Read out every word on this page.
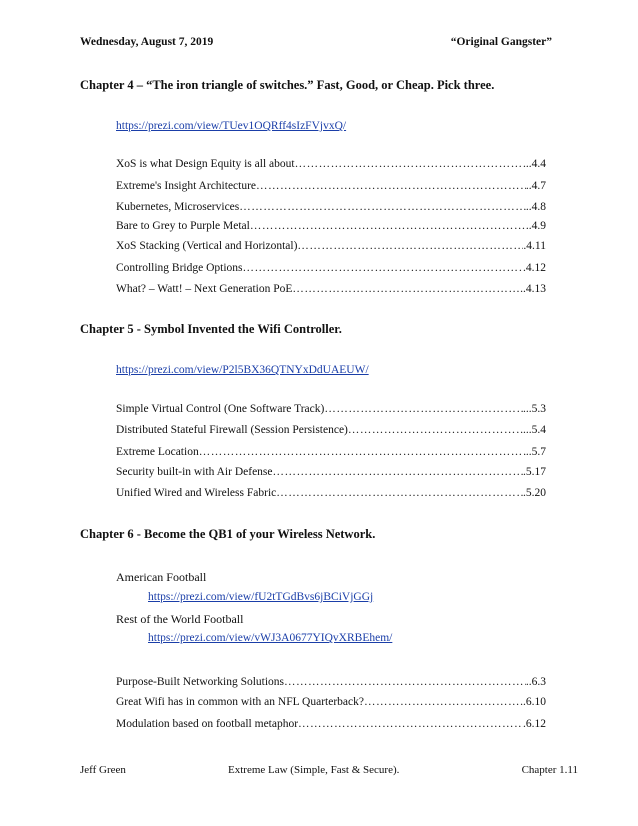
Wednesday, August 7, 2019	“Original Gangster”
Chapter 4 – “The iron triangle of switches.” Fast, Good, or Cheap. Pick three.
https://prezi.com/view/TUev1OQRff4sIzFVjvxQ/
XoS is what Design Equity is all about ……………………………………………………………………………………………………………………………………………………………	...4.4
Extreme's Insight Architecture ……………………………………………………………………………………………………………………………………………………………	..4.7
Kubernetes, Microservices ……………………………………………………………………………………………………………………………………………………………	..4.8
Bare to Grey to Purple Metal ……………………………………………………………………………………………………………………………………………………………	..4.9
XoS Stacking (Vertical and Horizontal) ……………………………………………………………………………………………………………………………………………………………	.4.11
Controlling Bridge Options ……………………………………………………………………………………………………………………………………………………………	.4.12
What? – Watt! – Next Generation PoE ……………………………………………………………………………………………………………………………………………………………	..4.13
Chapter 5 - Symbol Invented the Wifi Controller.
https://prezi.com/view/P2l5BX36QTNYxDdUAEUW/
Simple Virtual Control (One Software Track) ……………………………………………………………………………………………………………………………………………………………	...5.3
Distributed Stateful Firewall (Session Persistence) ……………………………………………………………………………………………………………………………………………………………	...5.4
Extreme Location ……………………………………………………………………………………………………………………………………………………………	..5.7
Security built-in with Air Defense ……………………………………………………………………………………………………………………………………………………………	.5.17
Unified Wired and Wireless Fabric ……………………………………………………………………………………………………………………………………………………………	.5.20
Chapter 6 - Become the QB1 of your Wireless Network.
American Football
https://prezi.com/view/fU2tTGdBvs6jBCiVjGGj
Rest of the World Football
https://prezi.com/view/vWJ3A0677YIQvXRBEhem/
Purpose-Built Networking Solutions ……………………………………………………………………………………………………………………………………………………………	..6.3
Great Wifi has in common with an NFL Quarterback? ……………………………………………………………………………………………………………………………………………………………	..6.10
Modulation based on football metaphor ……………………………………………………………………………………………………………………………………………………………	.6.12
Jeff Green	Extreme Law (Simple, Fast & Secure).	Chapter 1.11
